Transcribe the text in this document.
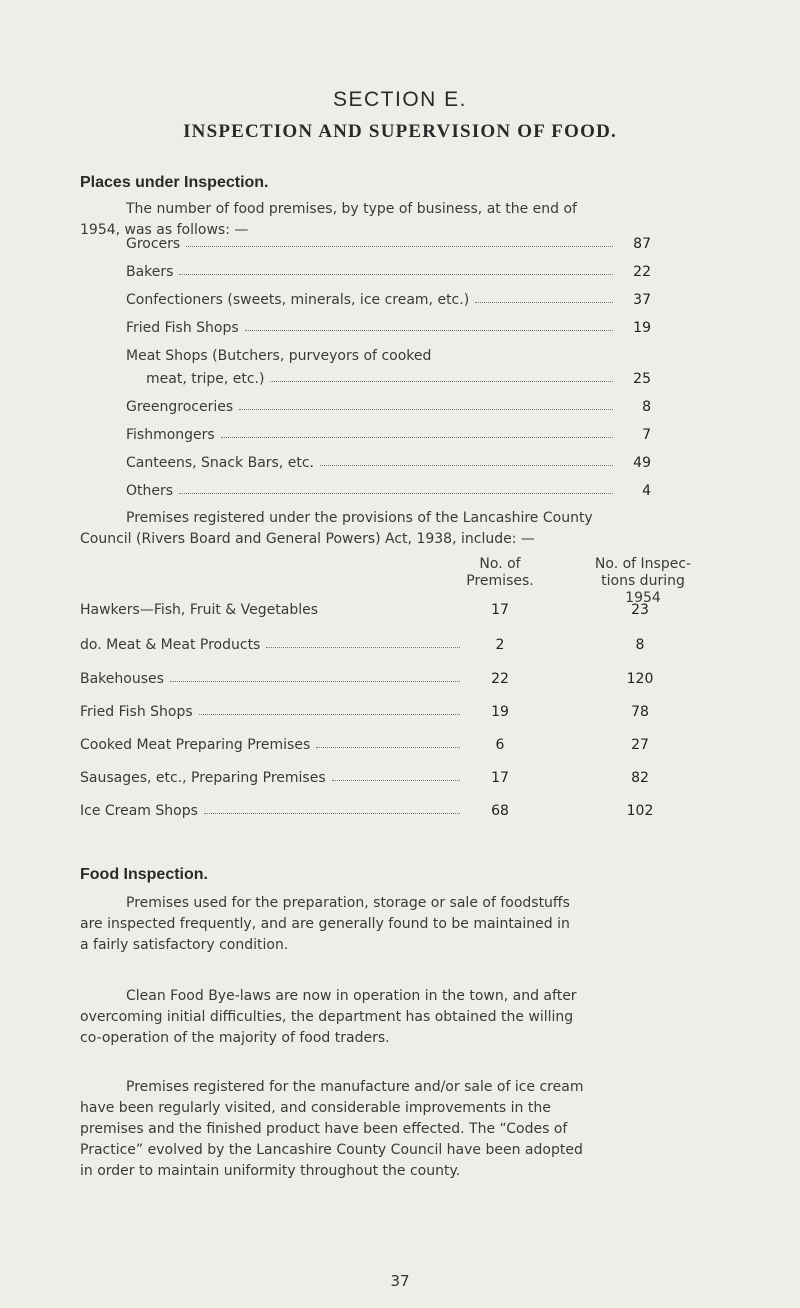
SECTION E.
INSPECTION AND SUPERVISION OF FOOD.
Places under Inspection.
The number of food premises, by type of business, at the end of
1954, was as follows: —
Grocers	87
Bakers	22
Confectioners (sweets, minerals, ice cream, etc.)	37
Fried Fish Shops	19
Meat Shops (Butchers, purveyors of cooked
meat, tripe, etc.)	25
Greengroceries	8
Fishmongers	7
Canteens, Snack Bars, etc.	49
Others	4
Premises registered under the provisions of the Lancashire County
Council (Rivers Board and General Powers) Act, 1938, include: —
No. of
Premises.
No. of Inspec-
tions during
1954
Hawkers—Fish, Fruit & Vegetables	17	23
do. Meat & Meat Products	2	8
Bakehouses	22	120
Fried Fish Shops	19	78
Cooked Meat Preparing Premises	6	27
Sausages, etc., Preparing Premises	17	82
Ice Cream Shops	68	102
Food Inspection.
Premises used for the preparation, storage or sale of foodstuffs
are inspected frequently, and are generally found to be maintained in
a fairly satisfactory condition.
Clean Food Bye-laws are now in operation in the town, and after
overcoming initial difficulties, the department has obtained the willing
co-operation of the majority of food traders.
Premises registered for the manufacture and/or sale of ice cream
have been regularly visited, and considerable improvements in the
premises and the finished product have been effected. The “Codes of
Practice” evolved by the Lancashire County Council have been adopted
in order to maintain uniformity throughout the county.
37
